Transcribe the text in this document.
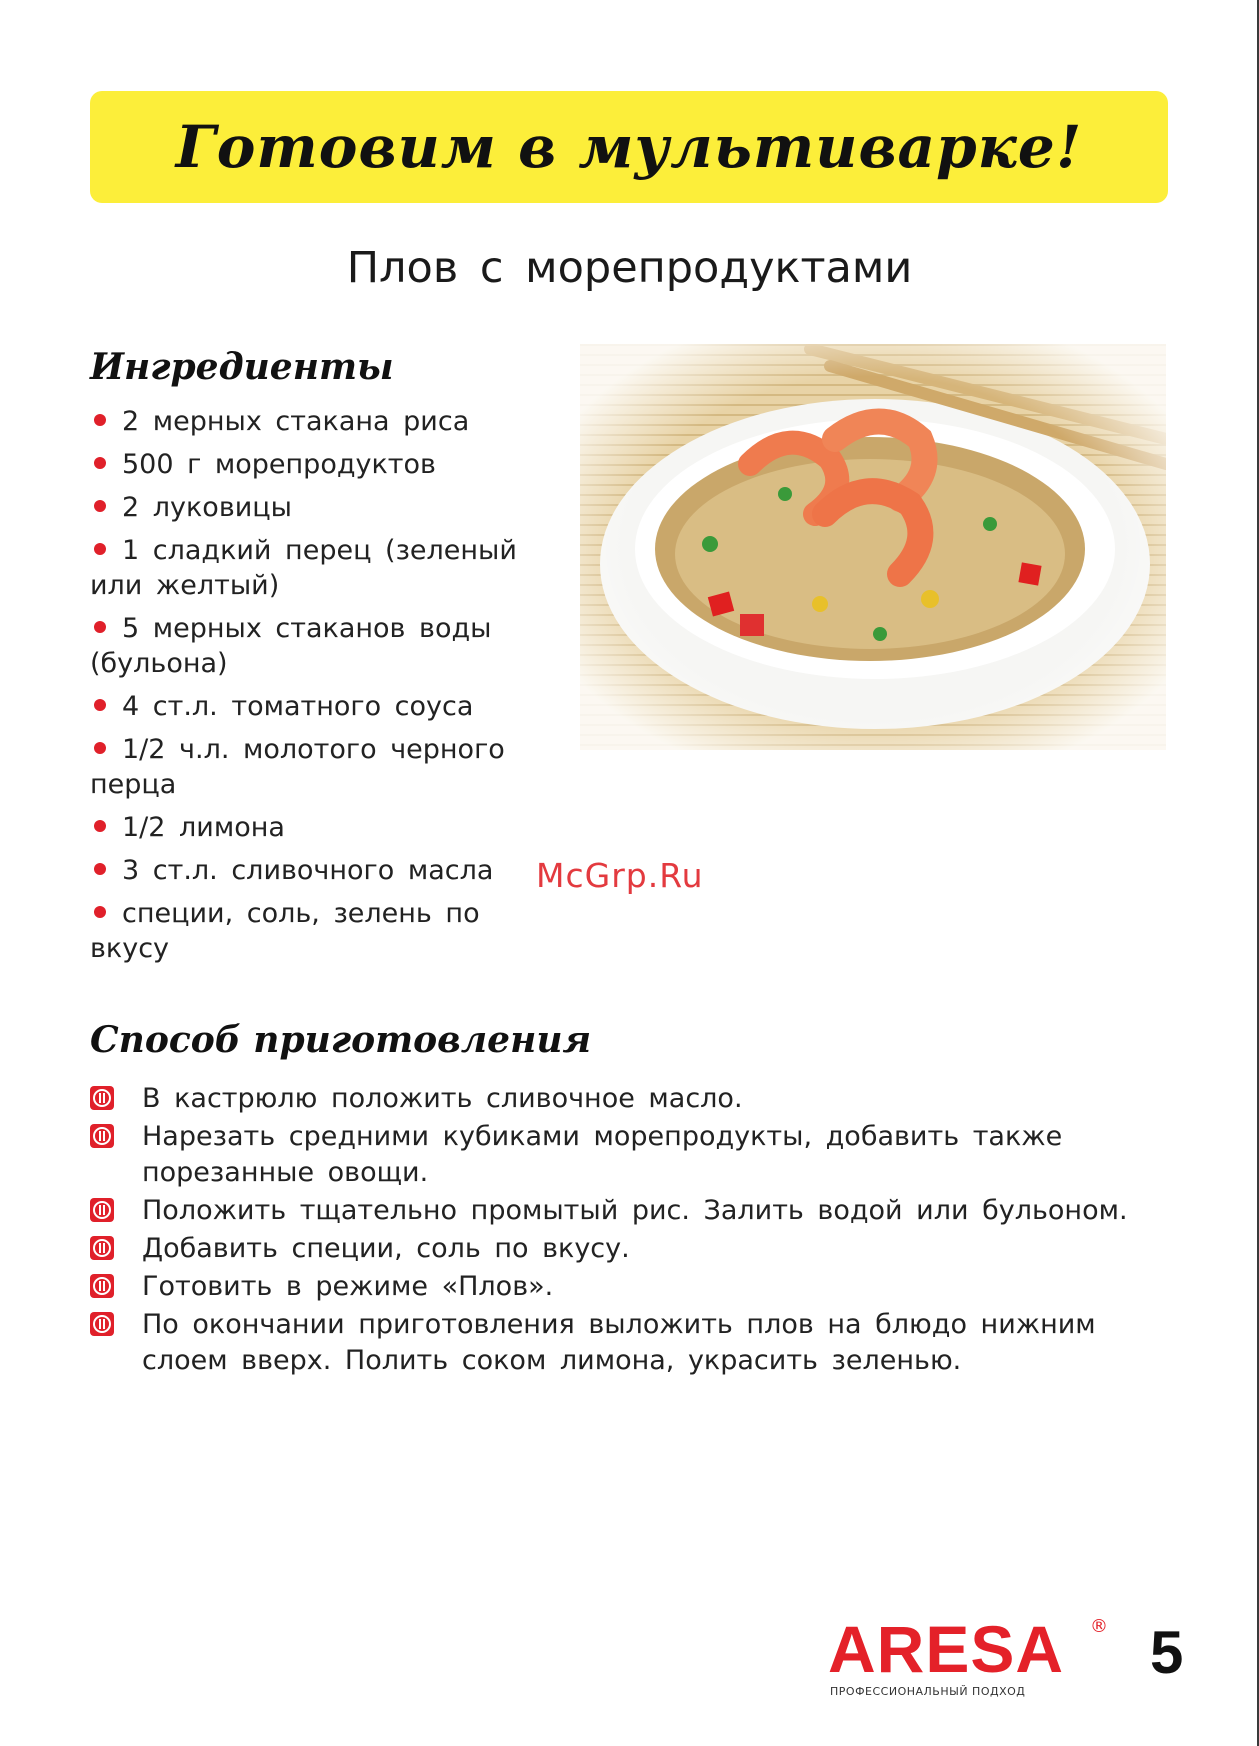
Готовим в мультиварке!
Плов с морепродуктами
Ингредиенты
2 мерных стакана риса
500 г морепродуктов
2 луковицы
1 сладкий перец (зеленый или желтый)
5 мерных стаканов воды (бульона)
4 ст.л. томатного соуса
1/2 ч.л. молотого черного перца
1/2 лимона
3 ст.л. сливочного масла
специи, соль, зелень по вкусу
McGrp.Ru
Способ приготовления
В кастрюлю положить сливочное масло.
Нарезать средними кубиками морепродукты, добавить также порезанные овощи.
Положить тщательно промытый рис. Залить водой или бульоном.
Добавить специи, соль по вкусу.
Готовить в режиме «Плов».
По окончании приготовления выложить плов на блюдо нижним слоем вверх. Полить соком лимона, украсить зеленью.
ARESA ®
ПРОФЕССИОНАЛЬНЫЙ ПОДХОД
5
